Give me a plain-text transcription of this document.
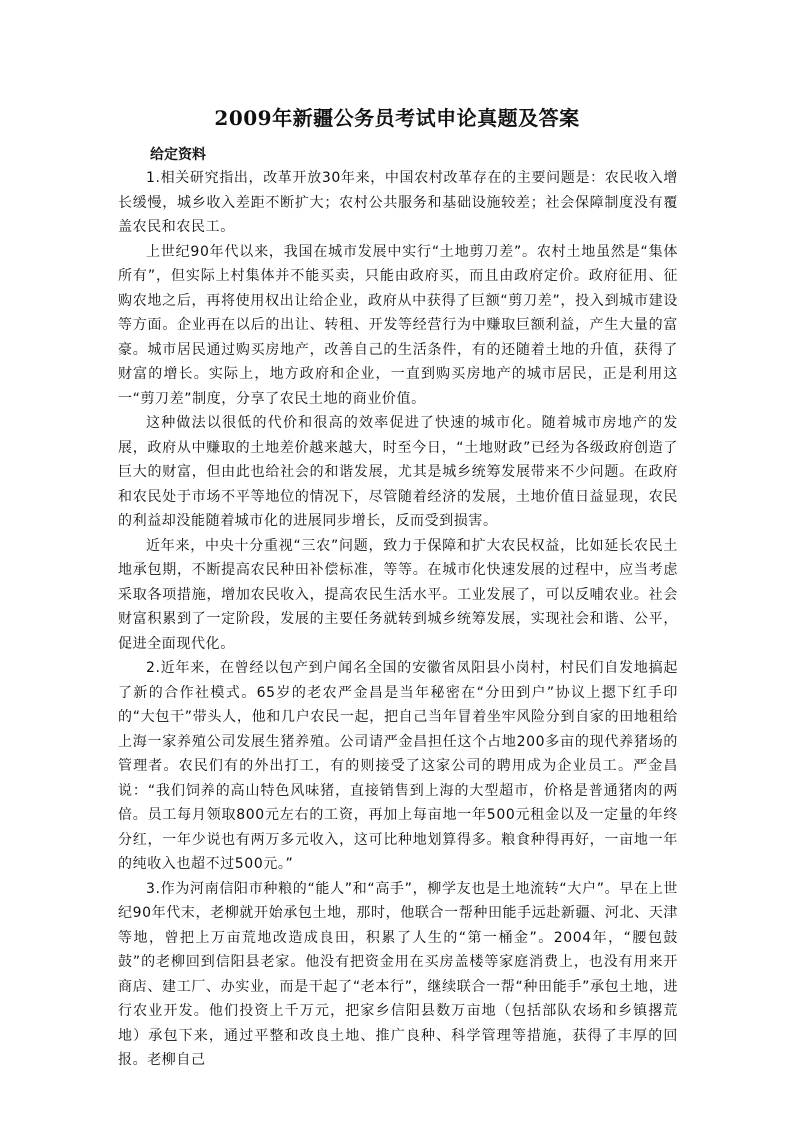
2009年新疆公务员考试申论真题及答案
给定资料

1.相关研究指出，改革开放30年来，中国农村改革存在的主要问题是：农民收入增长缓慢，城乡收入差距不断扩大；农村公共服务和基础设施较差；社会保障制度没有覆盖农民和农民工。

上世纪90年代以来，我国在城市发展中实行“土地剪刀差”。农村土地虽然是“集体所有”，但实际上村集体并不能买卖，只能由政府买，而且由政府定价。政府征用、征购农地之后，再将使用权出让给企业，政府从中获得了巨额“剪刀差”，投入到城市建设等方面。企业再在以后的出让、转租、开发等经营行为中赚取巨额利益，产生大量的富豪。城市居民通过购买房地产，改善自己的生活条件，有的还随着土地的升值，获得了财富的增长。实际上，地方政府和企业，一直到购买房地产的城市居民，正是利用这一“剪刀差”制度，分享了农民土地的商业价值。

这种做法以很低的代价和很高的效率促进了快速的城市化。随着城市房地产的发展，政府从中赚取的土地差价越来越大，时至今日，“土地财政”已经为各级政府创造了巨大的财富，但由此也给社会的和谐发展，尤其是城乡统筹发展带来不少问题。在政府和农民处于市场不平等地位的情况下，尽管随着经济的发展，土地价值日益显现，农民的利益却没能随着城市化的进展同步增长，反而受到损害。

近年来，中央十分重视“三农”问题，致力于保障和扩大农民权益，比如延长农民土地承包期，不断提高农民种田补偿标准，等等。在城市化快速发展的过程中，应当考虑采取各项措施，增加农民收入，提高农民生活水平。工业发展了，可以反哺农业。社会财富积累到了一定阶段，发展的主要任务就转到城乡统筹发展，实现社会和谐、公平，促进全面现代化。

2.近年来，在曾经以包产到户闻名全国的安徽省凤阳县小岗村，村民们自发地搞起了新的合作社模式。65岁的老农严金昌是当年秘密在“分田到户”协议上摁下红手印的“大包干”带头人，他和几户农民一起，把自己当年冒着坐牢风险分到自家的田地租给上海一家养殖公司发展生猪养殖。公司请严金昌担任这个占地200多亩的现代养猪场的管理者。农民们有的外出打工，有的则接受了这家公司的聘用成为企业员工。严金昌说：“我们饲养的高山特色风味猪，直接销售到上海的大型超市，价格是普通猪肉的两倍。员工每月领取800元左右的工资，再加上每亩地一年500元租金以及一定量的年终分红，一年少说也有两万多元收入，这可比种地划算得多。粮食种得再好，一亩地一年的纯收入也超不过500元。”

3.作为河南信阳市种粮的“能人”和“高手”，柳学友也是土地流转“大户”。早在上世纪90年代末，老柳就开始承包土地，那时，他联合一帮种田能手远赴新疆、河北、天津等地，曾把上万亩荒地改造成良田，积累了人生的“第一桶金”。2004年，“腰包鼓鼓”的老柳回到信阳县老家。他没有把资金用在买房盖楼等家庭消费上，也没有用来开商店、建工厂、办实业，而是干起了“老本行”，继续联合一帮“种田能手”承包土地，进行农业开发。他们投资上千万元，把家乡信阳县数万亩地（包括部队农场和乡镇撂荒地）承包下来，通过平整和改良土地、推广良种、科学管理等措施，获得了丰厚的回报。老柳自己
